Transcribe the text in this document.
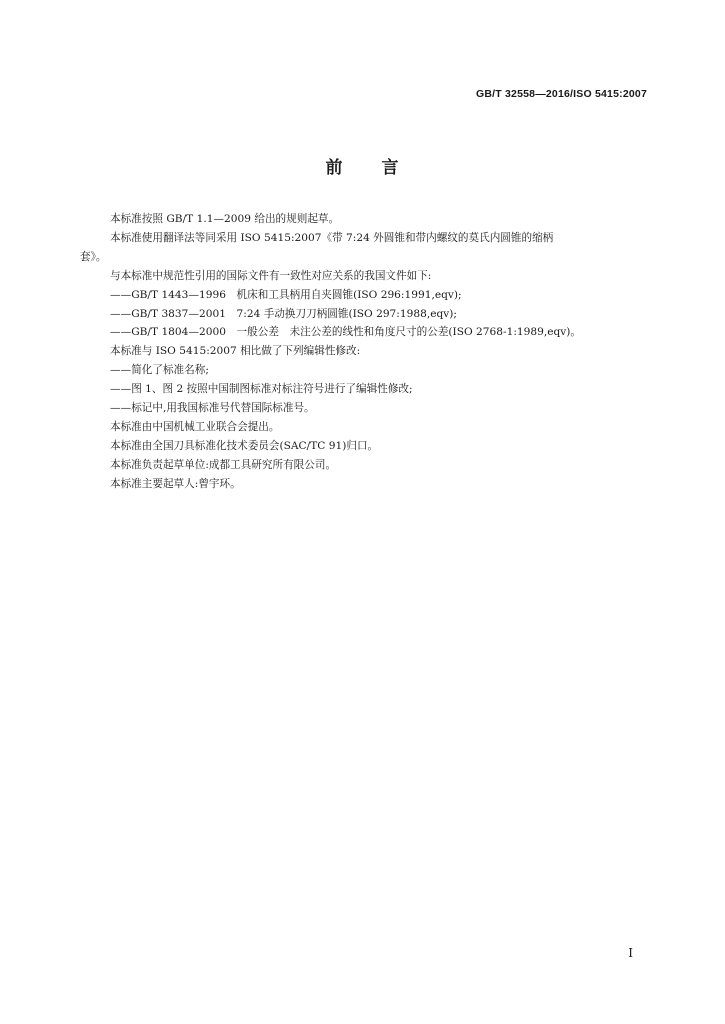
GB/T 32558—2016/ISO 5415:2007
前 言
本标准按照 GB/T 1.1—2009 给出的规则起草。
本标准使用翻译法等同采用 ISO 5415:2007《带 7:24 外圆锥和带内螺纹的莫氏内圆锥的缩柄
套》。
与本标准中规范性引用的国际文件有一致性对应关系的我国文件如下:
——GB/T 1443—1996　机床和工具柄用自夹圆锥(ISO 296:1991,eqv);
——GB/T 3837—2001　7:24 手动换刀刀柄圆锥(ISO 297:1988,eqv);
——GB/T 1804—2000　一般公差　未注公差的线性和角度尺寸的公差(ISO 2768-1:1989,eqv)。
本标准与 ISO 5415:2007 相比做了下列编辑性修改:
——简化了标准名称;
——图 1、图 2 按照中国制图标准对标注符号进行了编辑性修改;
——标记中,用我国标准号代替国际标准号。
本标准由中国机械工业联合会提出。
本标准由全国刀具标准化技术委员会(SAC/TC 91)归口。
本标准负责起草单位:成都工具研究所有限公司。
本标准主要起草人:曾宇环。
I
